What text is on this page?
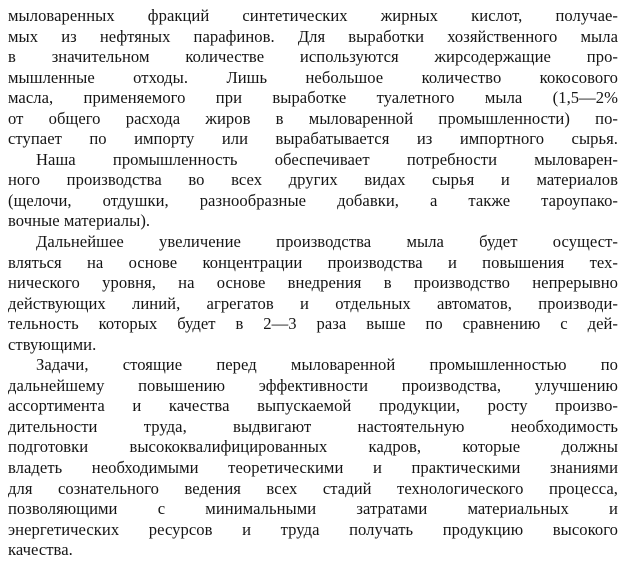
мыловаренных фракций синтетических жирных кислот, получае-
мых из нефтяных парафинов. Для выработки хозяйственного мыла
в значительном количестве используются жирсодержащие про-
мышленные отходы. Лишь небольшое количество кокосового
масла, применяемого при выработке туалетного мыла (1,5—2%
от общего расхода жиров в мыловаренной промышленности) по-
ступает по импорту или вырабатывается из импортного сырья.
Наша промышленность обеспечивает потребности мыловарен-
ного производства во всех других видах сырья и материалов
(щелочи, отдушки, разнообразные добавки, а также тароупако-
вочные материалы).
Дальнейшее увеличение производства мыла будет осущест-
вляться на основе концентрации производства и повышения тех-
нического уровня, на основе внедрения в производство непрерывно
действующих линий, агрегатов и отдельных автоматов, производи-
тельность которых будет в 2—3 раза выше по сравнению с дей-
ствующими.
Задачи, стоящие перед мыловаренной промышленностью по
дальнейшему повышению эффективности производства, улучшению
ассортимента и качества выпускаемой продукции, росту произво-
дительности труда, выдвигают настоятельную необходимость
подготовки высококвалифицированных кадров, которые должны
владеть необходимыми теоретическими и практическими знаниями
для сознательного ведения всех стадий технологического процесса,
позволяющими с минимальными затратами материальных и
энергетических ресурсов и труда получать продукцию высокого
качества.
